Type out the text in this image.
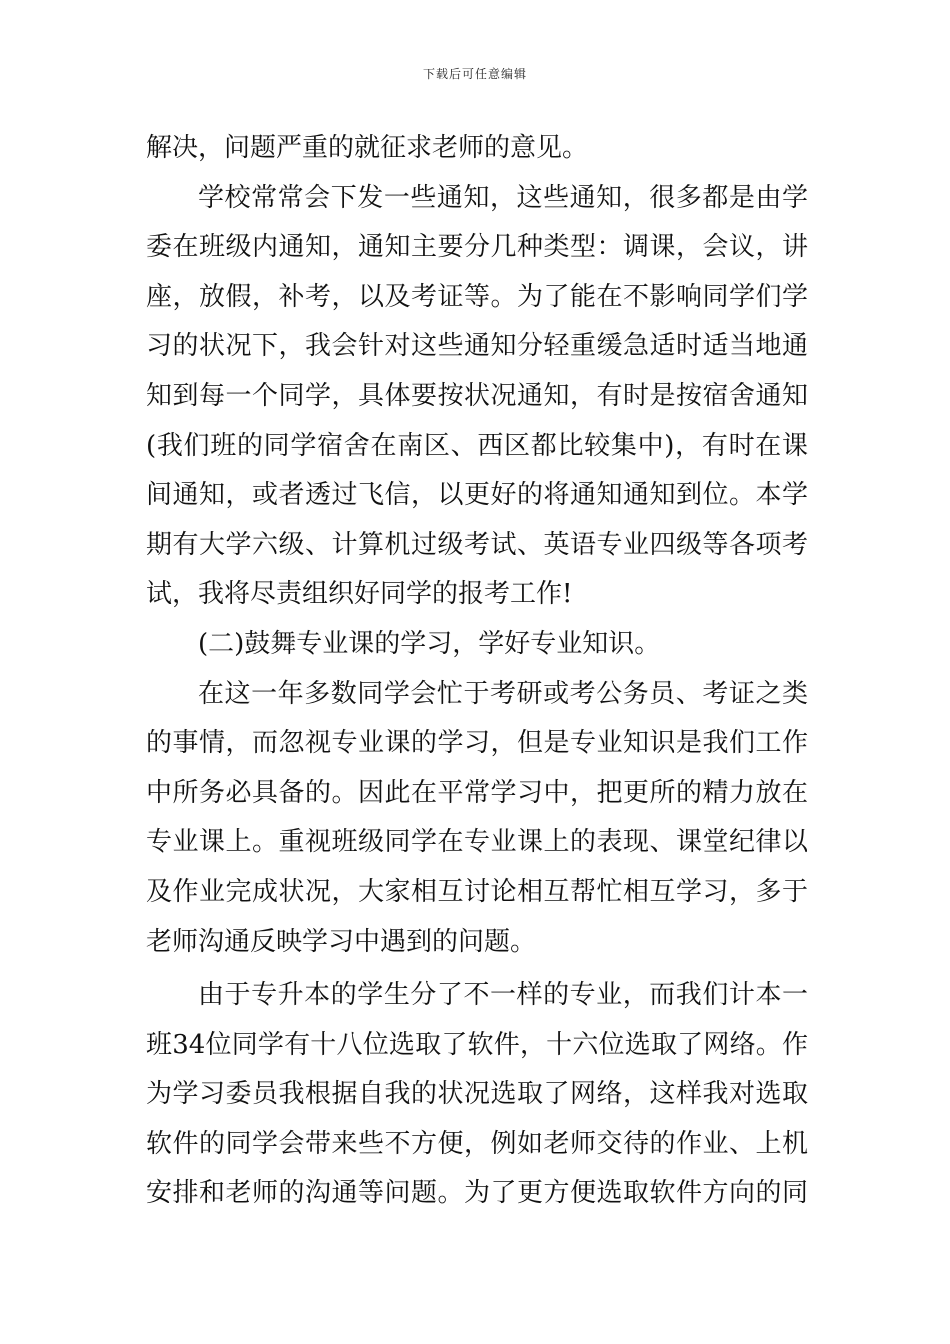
下载后可任意编辑
解决，问题严重的就征求老师的意见。
学校常常会下发一些通知，这些通知，很多都是由学
委在班级内通知，通知主要分几种类型：调课，会议，讲
座，放假，补考，以及考证等。为了能在不影响同学们学
习的状况下，我会针对这些通知分轻重缓急适时适当地通
知到每一个同学，具体要按状况通知，有时是按宿舍通知
(我们班的同学宿舍在南区、西区都比较集中)，有时在课
间通知，或者透过飞信，以更好的将通知通知到位。本学
期有大学六级、计算机过级考试、英语专业四级等各项考
试，我将尽责组织好同学的报考工作!
(二)鼓舞专业课的学习，学好专业知识。
在这一年多数同学会忙于考研或考公务员、考证之类
的事情，而忽视专业课的学习，但是专业知识是我们工作
中所务必具备的。因此在平常学习中，把更所的精力放在
专业课上。重视班级同学在专业课上的表现、课堂纪律以
及作业完成状况，大家相互讨论相互帮忙相互学习，多于
老师沟通反映学习中遇到的问题。
由于专升本的学生分了不一样的专业，而我们计本一
班34位同学有十八位选取了软件，十六位选取了网络。作
为学习委员我根据自我的状况选取了网络，这样我对选取
软件的同学会带来些不方便，例如老师交待的作业、上机
安排和老师的沟通等问题。为了更方便选取软件方向的同
